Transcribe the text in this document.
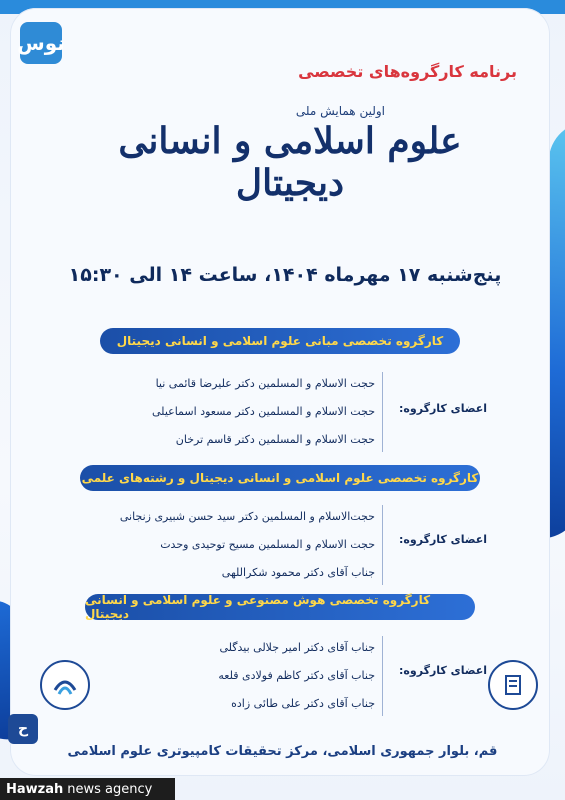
نوس
برنامه کارگروه‌های تخصصی
اولین همایش ملی
علوم اسلامی و انسانی دیجیتال
پنج‌شنبه ۱۷ مهرماه ۱۴۰۴، ساعت ۱۴ الی ۱۵:۳۰
کارگروه تخصصی مبانی علوم اسلامی و انسانی دیجیتال
حجت الاسلام و المسلمین دکتر علیرضا قائمی نیا
حجت الاسلام و المسلمین دکتر مسعود اسماعیلی
حجت الاسلام و المسلمین دکتر قاسم ترخان
اعضای کارگروه:
کارگروه تخصصی علوم اسلامی و انسانی دیجیتال و رشته‌های علمی
حجت‌الاسلام و المسلمین دکتر سید حسن شبیری زنجانی
حجت الاسلام و المسلمین مسیح توحیدی وحدت
جناب آقای دکتر محمود شکراللهی
اعضای کارگروه:
کارگروه تخصصی هوش مصنوعی و علوم اسلامی و انسانی دیجیتال
جناب آقای دکتر امیر جلالی بیدگلی
جناب آقای دکتر کاظم فولادی قلعه
جناب آقای دکتر علی طائی زاده
اعضای کارگروه:
ح
قم، بلوار جمهوری اسلامی، مرکز تحقیقات کامپیوتری علوم اسلامی
Hawzah news agency
